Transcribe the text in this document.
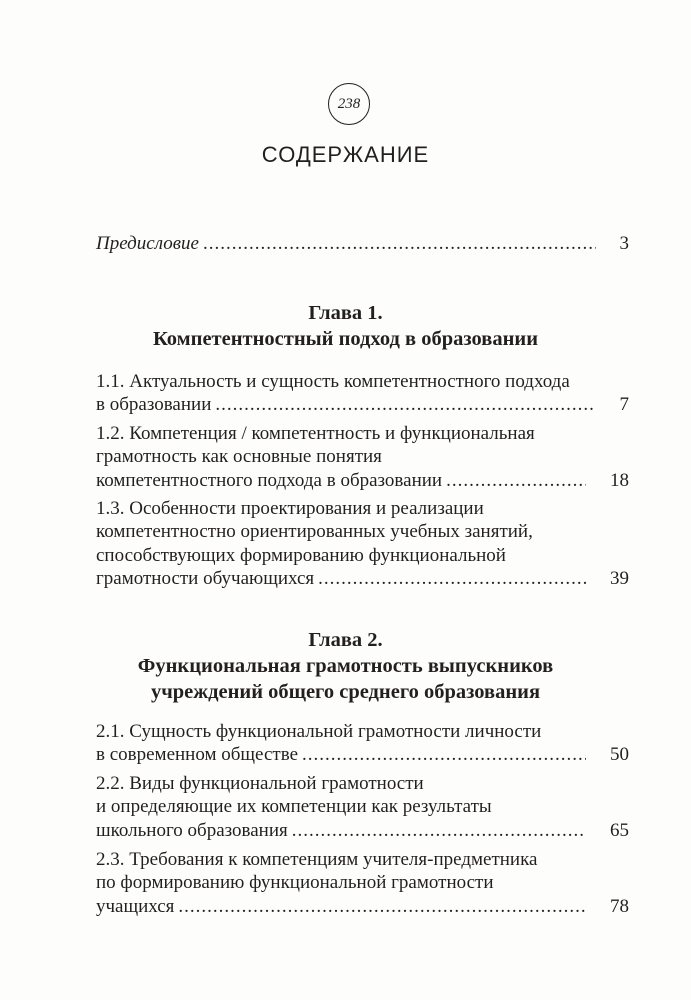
238
СОДЕРЖАНИЕ
Предисловие .....	3
Глава 1.
Компетентностный подход в образовании
1.1. Актуальность и сущность компетентностного подхода
в образовании .....	7
1.2. Компетенция / компетентность и функциональная
грамотность как основные понятия
компетентностного подхода в образовании .....	18
1.3. Особенности проектирования и реализации
компетентностно ориентированных учебных занятий,
способствующих формированию функциональной
грамотности обучающихся .....	39
Глава 2.
Функциональная грамотность выпускников
учреждений общего среднего образования
2.1. Сущность функциональной грамотности личности
в современном обществе .....	50
2.2. Виды функциональной грамотности
и определяющие их компетенции как результаты
школьного образования .....	65
2.3. Требования к компетенциям учителя-предметника
по формированию функциональной грамотности
учащихся .....	78
